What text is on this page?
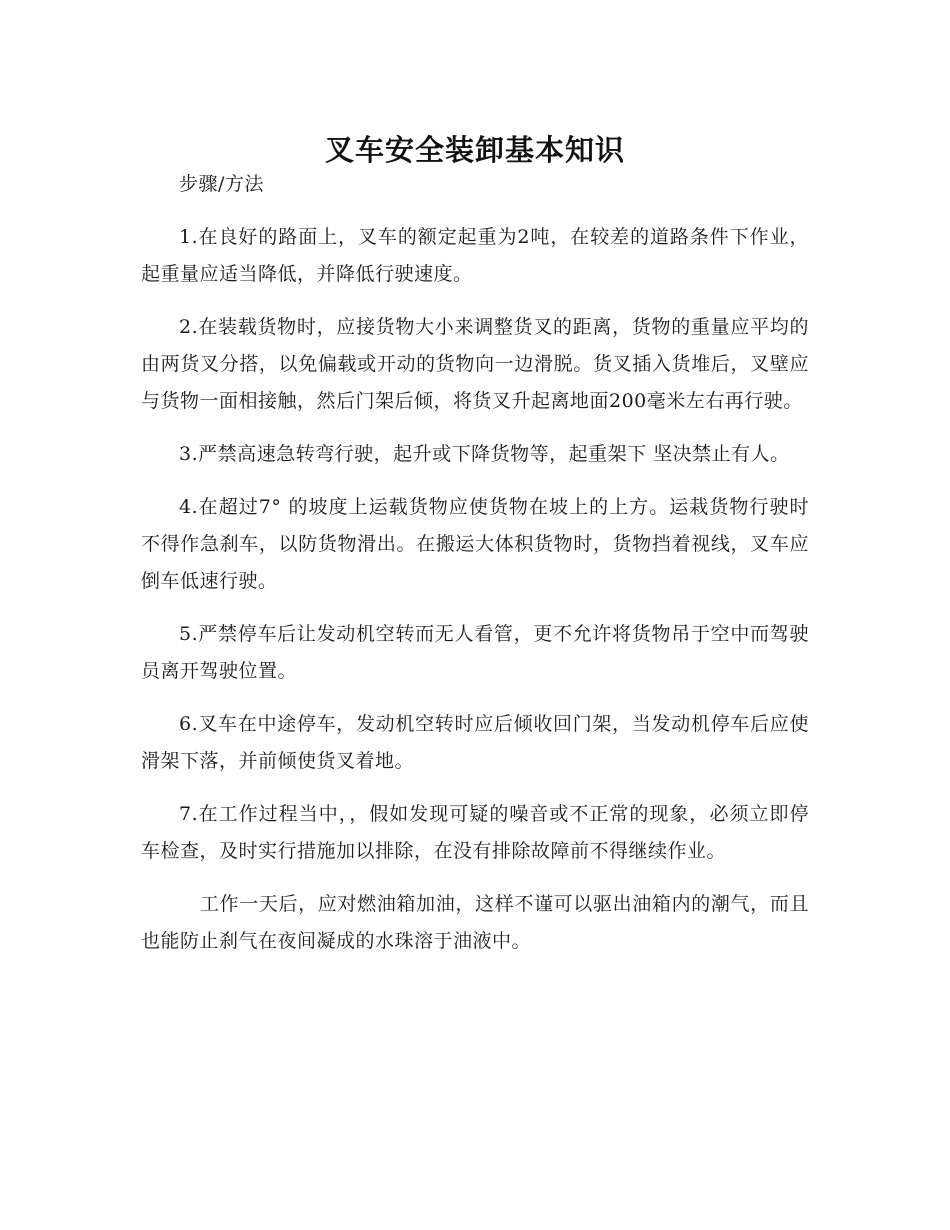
叉车安全装卸基本知识

步骤/方法

1.在良好的路面上，叉车的额定起重为2吨，在较差的道路条件下作业，起重量应适当降低，并降低行驶速度。

2.在装载货物时，应接货物大小来调整货叉的距离，货物的重量应平均的由两货叉分搭，以免偏载或开动的货物向一边滑脱。货叉插入货堆后，叉壁应与货物一面相接触，然后门架后倾，将货叉升起离地面200毫米左右再行驶。

3.严禁高速急转弯行驶，起升或下降货物等，起重架下 坚决禁止有人。

4.在超过7° 的坡度上运载货物应使货物在坡上的上方。运栽货物行驶时不得作急刹车，以防货物滑出。在搬运大体积货物时，货物挡着视线，叉车应倒车低速行驶。

5.严禁停车后让发动机空转而无人看管，更不允许将货物吊于空中而驾驶员离开驾驶位置。

6.叉车在中途停车，发动机空转时应后倾收回门架，当发动机停车后应使滑架下落，并前倾使货叉着地。

7.在工作过程当中，，假如发现可疑的噪音或不正常的现象，必须立即停车检查，及时实行措施加以排除，在没有排除故障前不得继续作业。

工作一天后，应对燃油箱加油，这样不谨可以驱出油箱内的潮气，而且也能防止刹气在夜间凝成的水珠溶于油液中。
